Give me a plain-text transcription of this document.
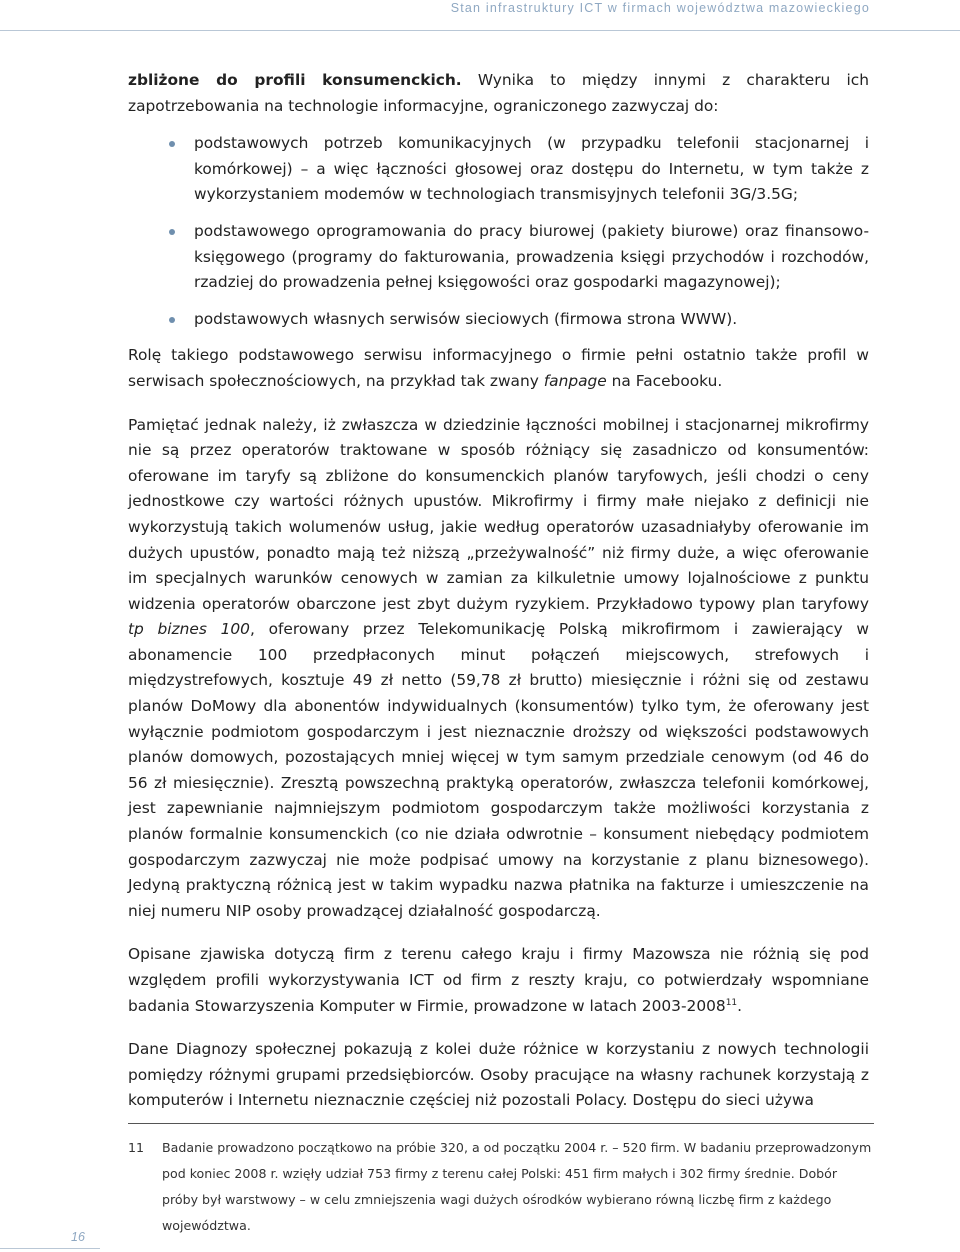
Stan infrastruktury ICT w firmach województwa mazowieckiego

zbliżone do profili konsumenckich. Wynika to między innymi z charakteru ich zapotrzebowania na technologie informacyjne, ograniczonego zazwyczaj do:

podstawowych potrzeb komunikacyjnych (w przypadku telefonii stacjonarnej i komórkowej) – a więc łączności głosowej oraz dostępu do Internetu, w tym także z wykorzystaniem modemów w technologiach transmisyjnych telefonii 3G/3.5G;
podstawowego oprogramowania do pracy biurowej (pakiety biurowe) oraz finansowo-księgowego (programy do fakturowania, prowadzenia księgi przychodów i rozchodów, rzadziej do prowadzenia pełnej księgowości oraz gospodarki magazynowej);
podstawowych własnych serwisów sieciowych (firmowa strona WWW).

Rolę takiego podstawowego serwisu informacyjnego o firmie pełni ostatnio także profil w serwisach społecznościowych, na przykład tak zwany fanpage na Facebooku.

Pamiętać jednak należy, iż zwłaszcza w dziedzinie łączności mobilnej i stacjonarnej mikrofirmy nie są przez operatorów traktowane w sposób różniący się zasadniczo od konsumentów: oferowane im taryfy są zbliżone do konsumenckich planów taryfowych, jeśli chodzi o ceny jednostkowe czy wartości różnych upustów. Mikrofirmy i firmy małe niejako z definicji nie wykorzystują takich wolumenów usług, jakie według operatorów uzasadniałyby oferowanie im dużych upustów, ponadto mają też niższą „przeżywalność” niż firmy duże, a więc oferowanie im specjalnych warunków cenowych w zamian za kilkuletnie umowy lojalnościowe z punktu widzenia operatorów obarczone jest zbyt dużym ryzykiem. Przykładowo typowy plan taryfowy tp biznes 100, oferowany przez Telekomunikację Polską mikrofirmom i zawierający w abonamencie 100 przedpłaconych minut połączeń miejscowych, strefowych i międzystrefowych, kosztuje 49 zł netto (59,78 zł brutto) miesięcznie i różni się od zestawu planów DoMowy dla abonentów indywidualnych (konsumentów) tylko tym, że oferowany jest wyłącznie podmiotom gospodarczym i jest nieznacznie droższy od większości podstawowych planów domowych, pozostających mniej więcej w tym samym przedziale cenowym (od 46 do 56 zł miesięcznie). Zresztą powszechną praktyką operatorów, zwłaszcza telefonii komórkowej, jest zapewnianie najmniejszym podmiotom gospodarczym także możliwości korzystania z planów formalnie konsumenckich (co nie działa odwrotnie – konsument niebędący podmiotem gospodarczym zazwyczaj nie może podpisać umowy na korzystanie z planu biznesowego). Jedyną praktyczną różnicą jest w takim wypadku nazwa płatnika na fakturze i umieszczenie na niej numeru NIP osoby prowadzącej działalność gospodarczą.

Opisane zjawiska dotyczą firm z terenu całego kraju i firmy Mazowsza nie różnią się pod względem profili wykorzystywania ICT od firm z reszty kraju, co potwierdzały wspomniane badania Stowarzyszenia Komputer w Firmie, prowadzone w latach 2003-2008$^{11}$.

Dane Diagnozy społecznej pokazują z kolei duże różnice w korzystaniu z nowych technologii pomiędzy różnymi grupami przedsiębiorców. Osoby pracujące na własny rachunek korzystają z komputerów i Internetu nieznacznie częściej niż pozostali Polacy. Dostępu do sieci używa

11 Badanie prowadzono początkowo na próbie 320, a od początku 2004 r. – 520 firm. W badaniu przeprowadzonym pod koniec 2008 r. wzięły udział 753 firmy z terenu całej Polski: 451 firm małych i 302 firmy średnie. Dobór próby był warstwowy – w celu zmniejszenia wagi dużych ośrodków wybierano równą liczbę firm z każdego województwa.
16
